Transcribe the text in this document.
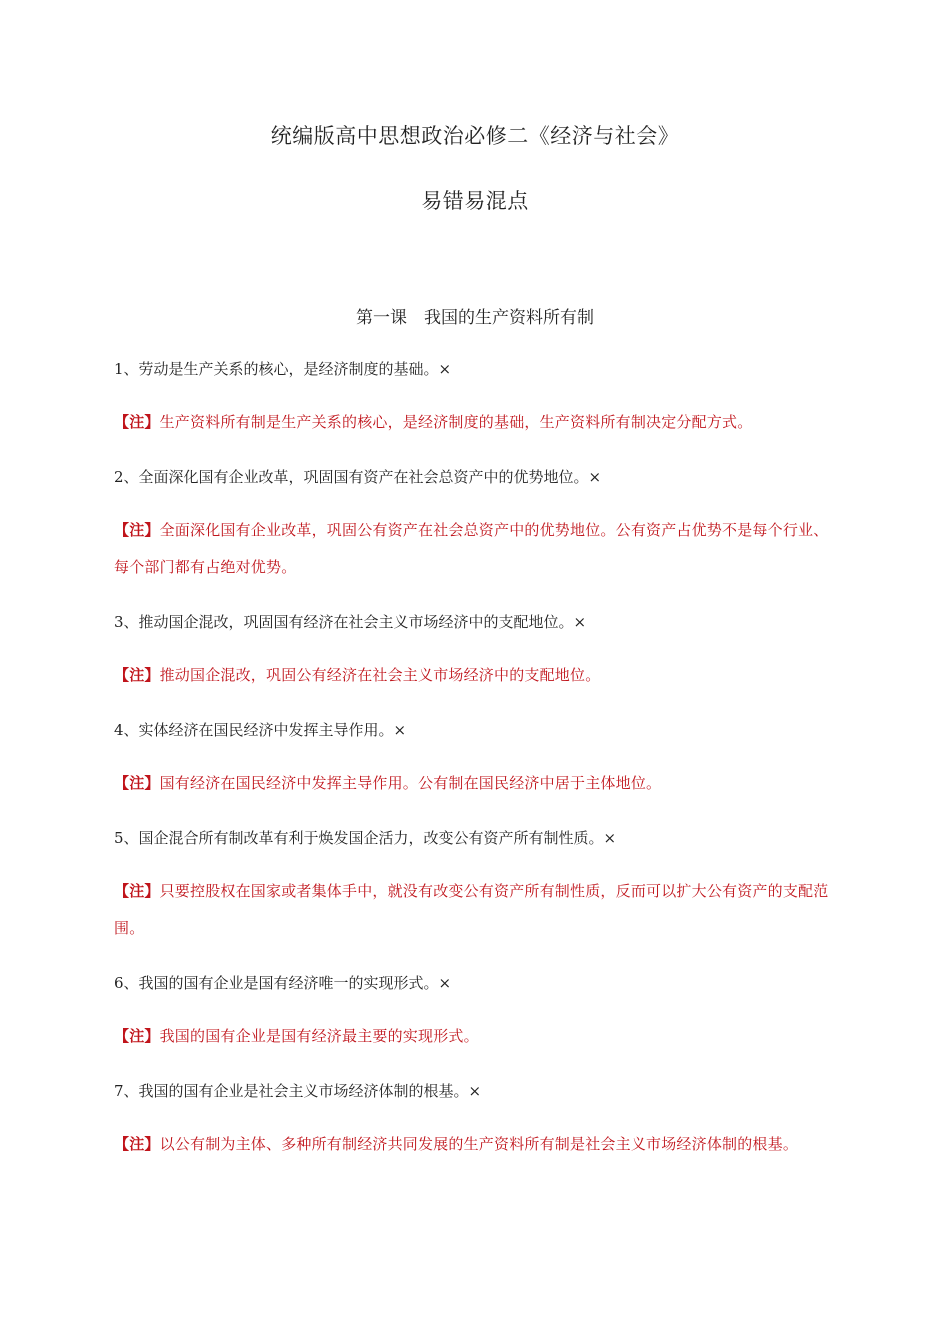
统编版高中思想政治必修二《经济与社会》
易错易混点
第一课　我国的生产资料所有制

1、劳动是生产关系的核心，是经济制度的基础。×

【注】生产资料所有制是生产关系的核心，是经济制度的基础，生产资料所有制决定分配方式。

2、全面深化国有企业改革，巩固国有资产在社会总资产中的优势地位。×

【注】全面深化国有企业改革，巩固公有资产在社会总资产中的优势地位。公有资产占优势不是每个行业、每个部门都有占绝对优势。

3、推动国企混改，巩固国有经济在社会主义市场经济中的支配地位。×

【注】推动国企混改，巩固公有经济在社会主义市场经济中的支配地位。

4、实体经济在国民经济中发挥主导作用。×

【注】国有经济在国民经济中发挥主导作用。公有制在国民经济中居于主体地位。

5、国企混合所有制改革有利于焕发国企活力，改变公有资产所有制性质。×

【注】只要控股权在国家或者集体手中，就没有改变公有资产所有制性质，反而可以扩大公有资产的支配范围。

6、我国的国有企业是国有经济唯一的实现形式。×

【注】我国的国有企业是国有经济最主要的实现形式。

7、我国的国有企业是社会主义市场经济体制的根基。×

【注】以公有制为主体、多种所有制经济共同发展的生产资料所有制是社会主义市场经济体制的根基。
